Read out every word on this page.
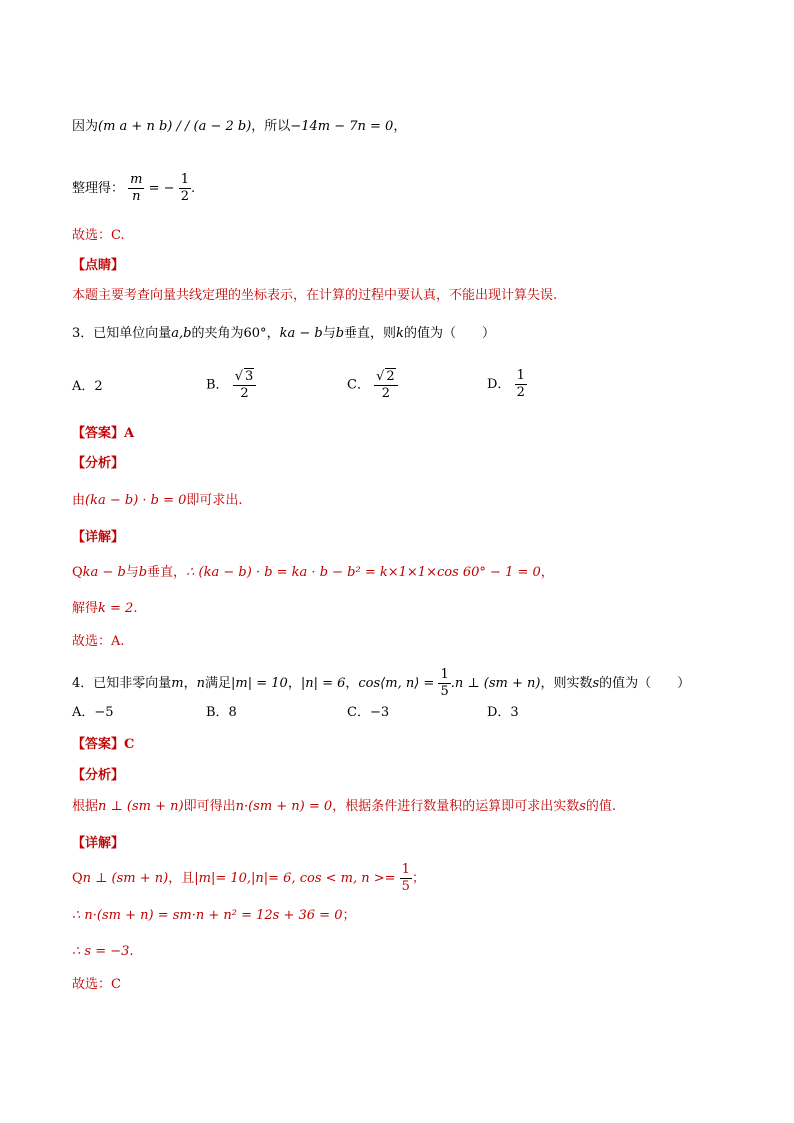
因为(m a + n b) / / (a − 2 b)，所以−14m − 7n = 0，
整理得： $\frac{m}{n}$ = − $\frac{1}{2}$ .
故选：C.
【点睛】
本题主要考查向量共线定理的坐标表示，在计算的过程中要认真，不能出现计算失误.
3．已知单位向量a,b的夹角为60°，ka − b与b垂直，则k的值为（　　）
A．2	B． $\frac{√ 3}{2}$	C． $\frac{√ 2}{2}$	D． $\frac{1}{2}$
【答案】A
【分析】
由(ka − b) · b = 0即可求出.
【详解】
Qka − b与b垂直，∴ (ka − b) · b = ka · b − b² = k×1×1×cos 60° − 1 = 0，
解得k = 2.
故选：A.
4．已知非零向量m，n满足|m| = 10，|n| = 6，cos⟨m, n⟩ = $\frac{1}{5} .n$ ⊥ (sm + n)，则实数s的值为（　　）
A．−5	B．8	C．−3	D．3
【答案】C
【分析】
根据n ⊥ (sm + n)即可得出n·(sm + n) = 0，根据条件进行数量积的运算即可求出实数s的值.
【详解】
Qn ⊥ (sm + n)，且|m|= 10,|n|= 6, cos < m, $n >= \frac{1}{5}$ ；
∴ n·(sm + n) = sm·n + n² = 12s + 36 = 0；
∴ s = −3.
故选：C
